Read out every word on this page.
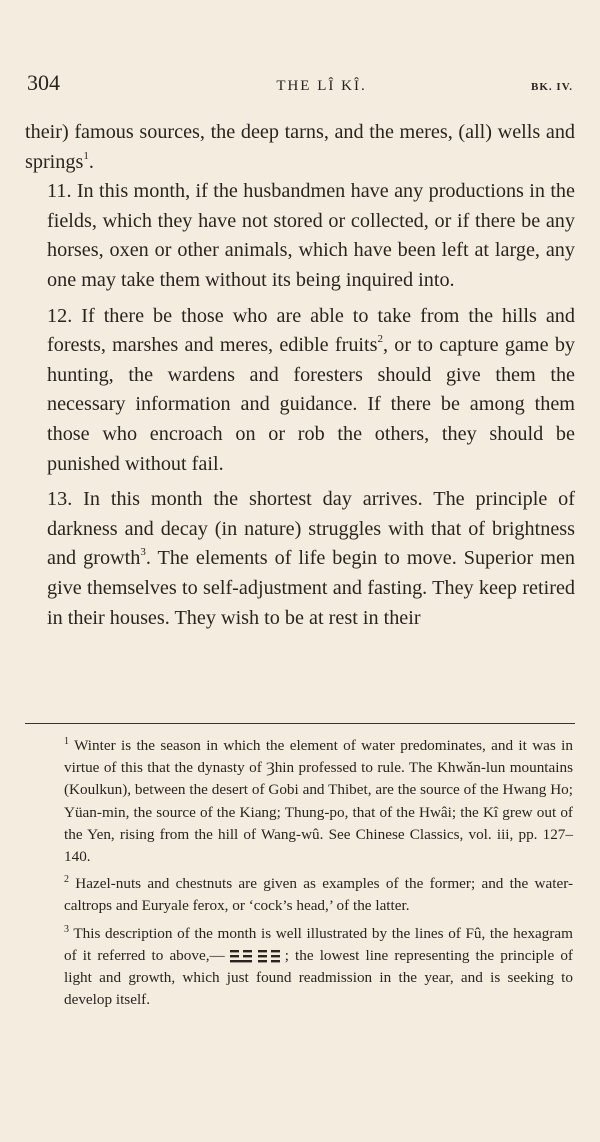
304	THE LÎ KÎ.	BK. IV.

their) famous sources, the deep tarns, and the meres, (all) wells and springs$^1$.

11. In this month, if the husbandmen have any productions in the fields, which they have not stored or collected, or if there be any horses, oxen or other animals, which have been left at large, any one may take them without its being inquired into.

12. If there be those who are able to take from the hills and forests, marshes and meres, edible fruits$^2$, or to capture game by hunting, the wardens and foresters should give them the necessary information and guidance. If there be among them those who encroach on or rob the others, they should be punished without fail.

13. In this month the shortest day arrives. The principle of darkness and decay (in nature) struggles with that of brightness and growth$^3$. The elements of life begin to move. Superior men give themselves to self-adjustment and fasting. They keep retired in their houses. They wish to be at rest in their

$^1$ Winter is the season in which the element of water predominates, and it was in virtue of this that the dynasty of Ȝhin professed to rule. The Khwǎn-lun mountains (Koulkun), between the desert of Gobi and Thibet, are the source of the Hwang Ho; Yüan-min, the source of the Kiang; Thung-po, that of the Hwâi; the Kî grew out of the Yen, rising from the hill of Wang-wû. See Chinese Classics, vol. iii, pp. 127–140.

$^2$ Hazel-nuts and chestnuts are given as examples of the former; and the water-caltrops and Euryale ferox, or ‘cock’s head,’ of the latter.

$^3$ This description of the month is well illustrated by the lines of Fû, the hexagram of it referred to above,—	; the lowest line representing the principle of light and growth, which just found readmission in the year, and is seeking to develop itself.
